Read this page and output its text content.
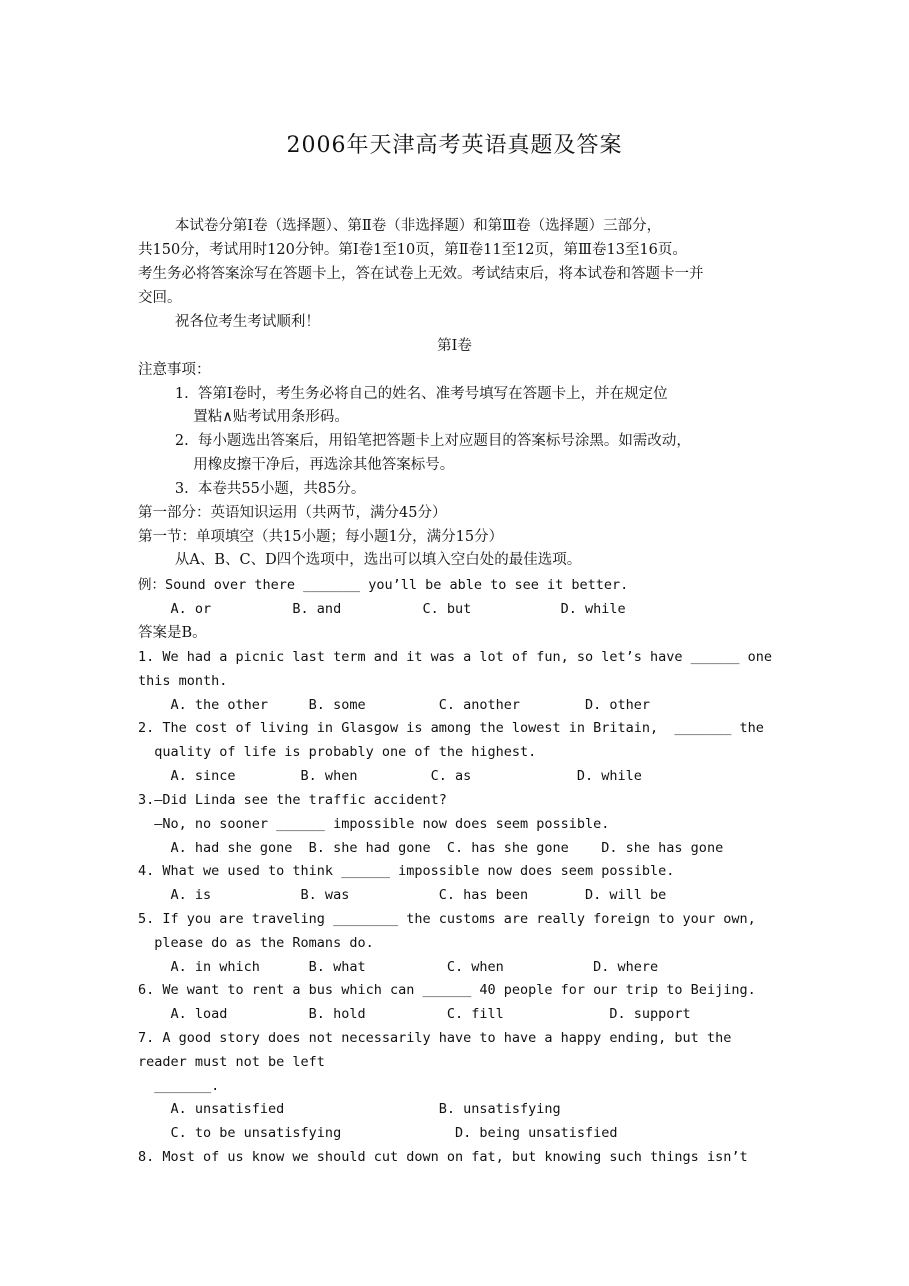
2006年天津高考英语真题及答案
本试卷分第Ⅰ卷（选择题）、第Ⅱ卷（非选择题）和第Ⅲ卷（选择题）三部分，
共150分，考试用时120分钟。第Ⅰ卷1至10页，第Ⅱ卷11至12页，第Ⅲ卷13至16页。
考生务必将答案涂写在答题卡上，答在试卷上无效。考试结束后，将本试卷和答题卡一并
交回。
祝各位考生考试顺利！
第Ⅰ卷
注意事项：
1.  答第Ⅰ卷时，考生务必将自己的姓名、准考号填写在答题卡上，并在规定位
置粘∧贴考试用条形码。
2.  每小题选出答案后，用铅笔把答题卡上对应题目的答案标号涂黑。如需改动，
用橡皮擦干净后，再选涂其他答案标号。
3.  本卷共55小题，共85分。
第一部分：英语知识运用（共两节，满分45分）
第一节：单项填空（共15小题；每小题1分，满分15分）
从A、B、C、D四个选项中，选出可以填入空白处的最佳选项。
例：Sound over there _______ you’ll be able to see it better.
A. or          B. and          C. but           D. while
答案是B。
1. We had a picnic last term and it was a lot of fun, so let’s have ______ one
this month.
A. the other     B. some         C. another        D. other
2. The cost of living in Glasgow is among the lowest in Britain,  _______ the
quality of life is probably one of the highest.
A. since        B. when         C. as             D. while
3.—Did Linda see the traffic accident?
—No, no sooner ______ impossible now does seem possible.
A. had she gone  B. she had gone  C. has she gone    D. she has gone
4. What we used to think ______ impossible now does seem possible.
A. is           B. was           C. has been       D. will be
5. If you are traveling ________ the customs are really foreign to your own,
please do as the Romans do.
A. in which      B. what          C. when           D. where
6. We want to rent a bus which can ______ 40 people for our trip to Beijing.
A. load          B. hold          C. fill             D. support
7. A good story does not necessarily have to have a happy ending, but the
reader must not be left
_______.
A. unsatisfied                   B. unsatisfying
C. to be unsatisfying              D. being unsatisfied
8. Most of us know we should cut down on fat, but knowing such things isn’t
